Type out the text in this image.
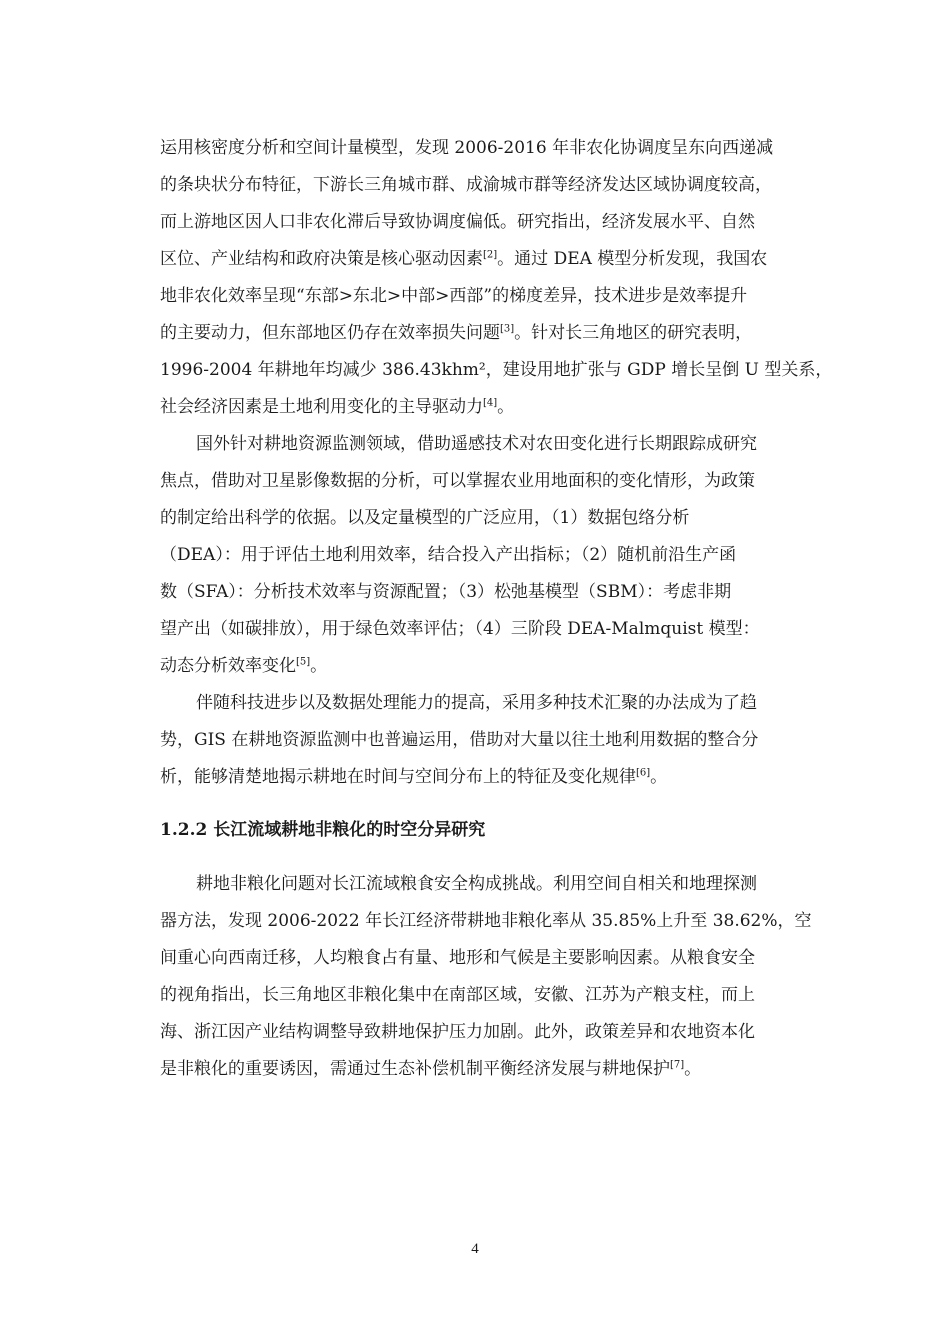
运用核密度分析和空间计量模型，发现 2006-2016 年非农化协调度呈东向西递减
的条块状分布特征，下游长三角城市群、成渝城市群等经济发达区域协调度较高，
而上游地区因人口非农化滞后导致协调度偏低。研究指出，经济发展水平、自然
区位、产业结构和政府决策是核心驱动因素[2]。通过 DEA 模型分析发现，我国农
地非农化效率呈现“东部>东北>中部>西部”的梯度差异，技术进步是效率提升
的主要动力，但东部地区仍存在效率损失问题[3]。针对长三角地区的研究表明，
1996-2004 年耕地年均减少 386.43khm²，建设用地扩张与 GDP 增长呈倒 U 型关系，
社会经济因素是土地利用变化的主导驱动力[4]。
国外针对耕地资源监测领域，借助遥感技术对农田变化进行长期跟踪成研究
焦点，借助对卫星影像数据的分析，可以掌握农业用地面积的变化情形，为政策
的制定给出科学的依据。以及定量模型的广泛应用，（1）数据包络分析
（DEA）：用于评估土地利用效率，结合投入产出指标；（2）随机前沿生产函
数（SFA）：分析技术效率与资源配置；（3）松弛基模型（SBM）：考虑非期
望产出（如碳排放），用于绿色效率评估；（4）三阶段 DEA-Malmquist 模型：
动态分析效率变化[5]。
伴随科技进步以及数据处理能力的提高，采用多种技术汇聚的办法成为了趋
势，GIS 在耕地资源监测中也普遍运用，借助对大量以往土地利用数据的整合分
析，能够清楚地揭示耕地在时间与空间分布上的特征及变化规律[6]。
1.2.2 长江流域耕地非粮化的时空分异研究
耕地非粮化问题对长江流域粮食安全构成挑战。利用空间自相关和地理探测
器方法，发现 2006-2022 年长江经济带耕地非粮化率从 35.85%上升至 38.62%，空
间重心向西南迁移，人均粮食占有量、地形和气候是主要影响因素。从粮食安全
的视角指出，长三角地区非粮化集中在南部区域，安徽、江苏为产粮支柱，而上
海、浙江因产业结构调整导致耕地保护压力加剧。此外，政策差异和农地资本化
是非粮化的重要诱因，需通过生态补偿机制平衡经济发展与耕地保护[7]。
4
